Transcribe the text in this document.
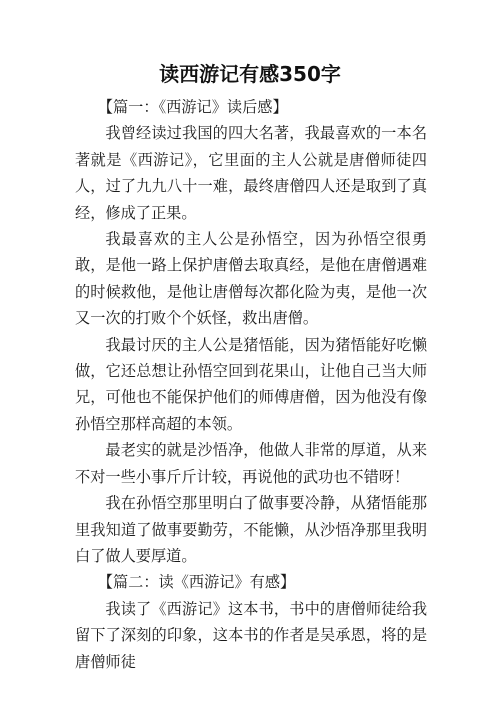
读西游记有感350字

【篇一：《西游记》读后感】

我曾经读过我国的四大名著，我最喜欢的一本名著就是《西游记》，它里面的主人公就是唐僧师徒四人，过了九九八十一难，最终唐僧四人还是取到了真经，修成了正果。

我最喜欢的主人公是孙悟空，因为孙悟空很勇敢，是他一路上保护唐僧去取真经，是他在唐僧遇难的时候救他，是他让唐僧每次都化险为夷，是他一次又一次的打败个个妖怪，救出唐僧。

我最讨厌的主人公是猪悟能，因为猪悟能好吃懒做，它还总想让孙悟空回到花果山，让他自己当大师兄，可他也不能保护他们的师傅唐僧，因为他没有像孙悟空那样高超的本领。

最老实的就是沙悟净，他做人非常的厚道，从来不对一些小事斤斤计较，再说他的武功也不错呀！

我在孙悟空那里明白了做事要冷静，从猪悟能那里我知道了做事要勤劳，不能懒，从沙悟净那里我明白了做人要厚道。

【篇二：读《西游记》有感】

我读了《西游记》这本书，书中的唐僧师徒给我留下了深刻的印象，这本书的作者是吴承恩，将的是唐僧师徒
